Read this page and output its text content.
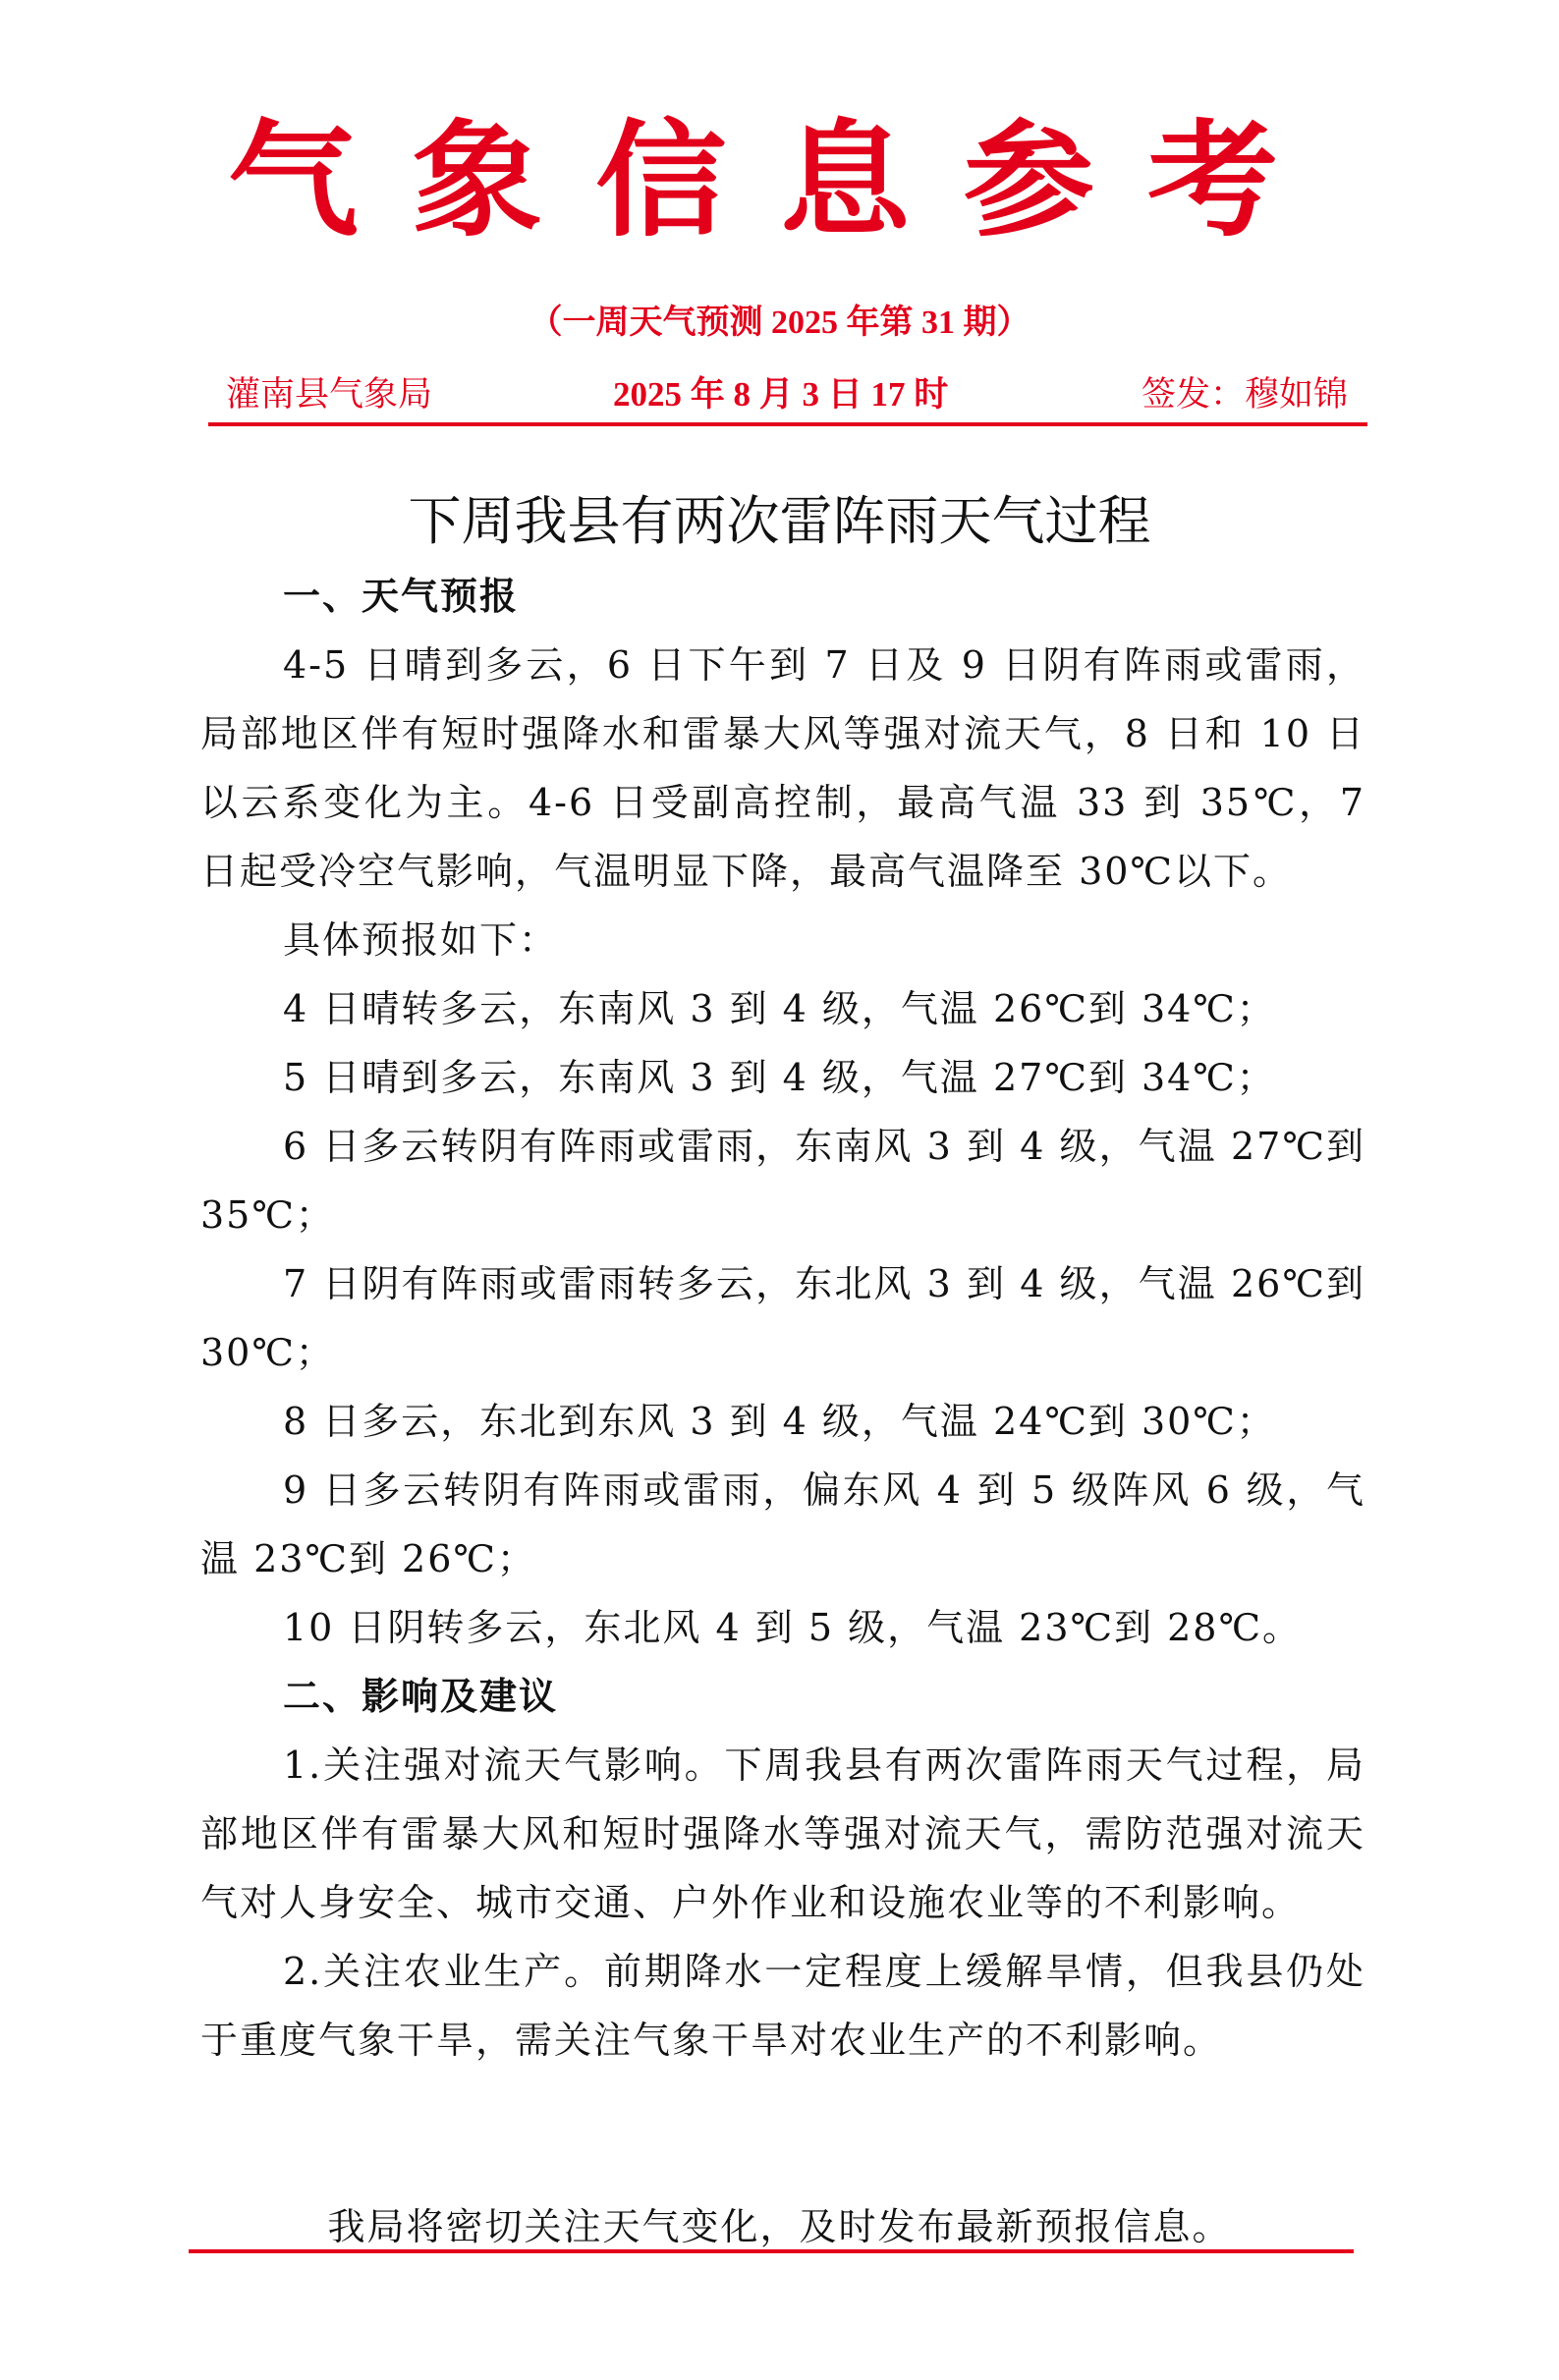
气象信息参考
（一周天气预测 2025 年第 31 期）
灌南县气象局	2025 年 8 月 3 日 17 时	签发：穆如锦
下周我县有两次雷阵雨天气过程
一、天气预报

4-5 日晴到多云，6 日下午到 7 日及 9 日阴有阵雨或雷雨，局部地区伴有短时强降水和雷暴大风等强对流天气，8 日和 10 日以云系变化为主。4-6 日受副高控制，最高气温 33 到 35℃，7 日起受冷空气影响，气温明显下降，最高气温降至 30℃以下。

具体预报如下：

4 日晴转多云，东南风 3 到 4 级，气温 26℃到 34℃；

5 日晴到多云，东南风 3 到 4 级，气温 27℃到 34℃；

6 日多云转阴有阵雨或雷雨，东南风 3 到 4 级，气温 27℃到 35℃；

7 日阴有阵雨或雷雨转多云，东北风 3 到 4 级，气温 26℃到 30℃；

8 日多云，东北到东风 3 到 4 级，气温 24℃到 30℃；

9 日多云转阴有阵雨或雷雨，偏东风 4 到 5 级阵风 6 级，气温 23℃到 26℃；

10 日阴转多云，东北风 4 到 5 级，气温 23℃到 28℃。

二、影响及建议

1.关注强对流天气影响。下周我县有两次雷阵雨天气过程，局部地区伴有雷暴大风和短时强降水等强对流天气，需防范强对流天气对人身安全、城市交通、户外作业和设施农业等的不利影响。

2.关注农业生产。前期降水一定程度上缓解旱情，但我县仍处于重度气象干旱，需关注气象干旱对农业生产的不利影响。

我局将密切关注天气变化，及时发布最新预报信息。
